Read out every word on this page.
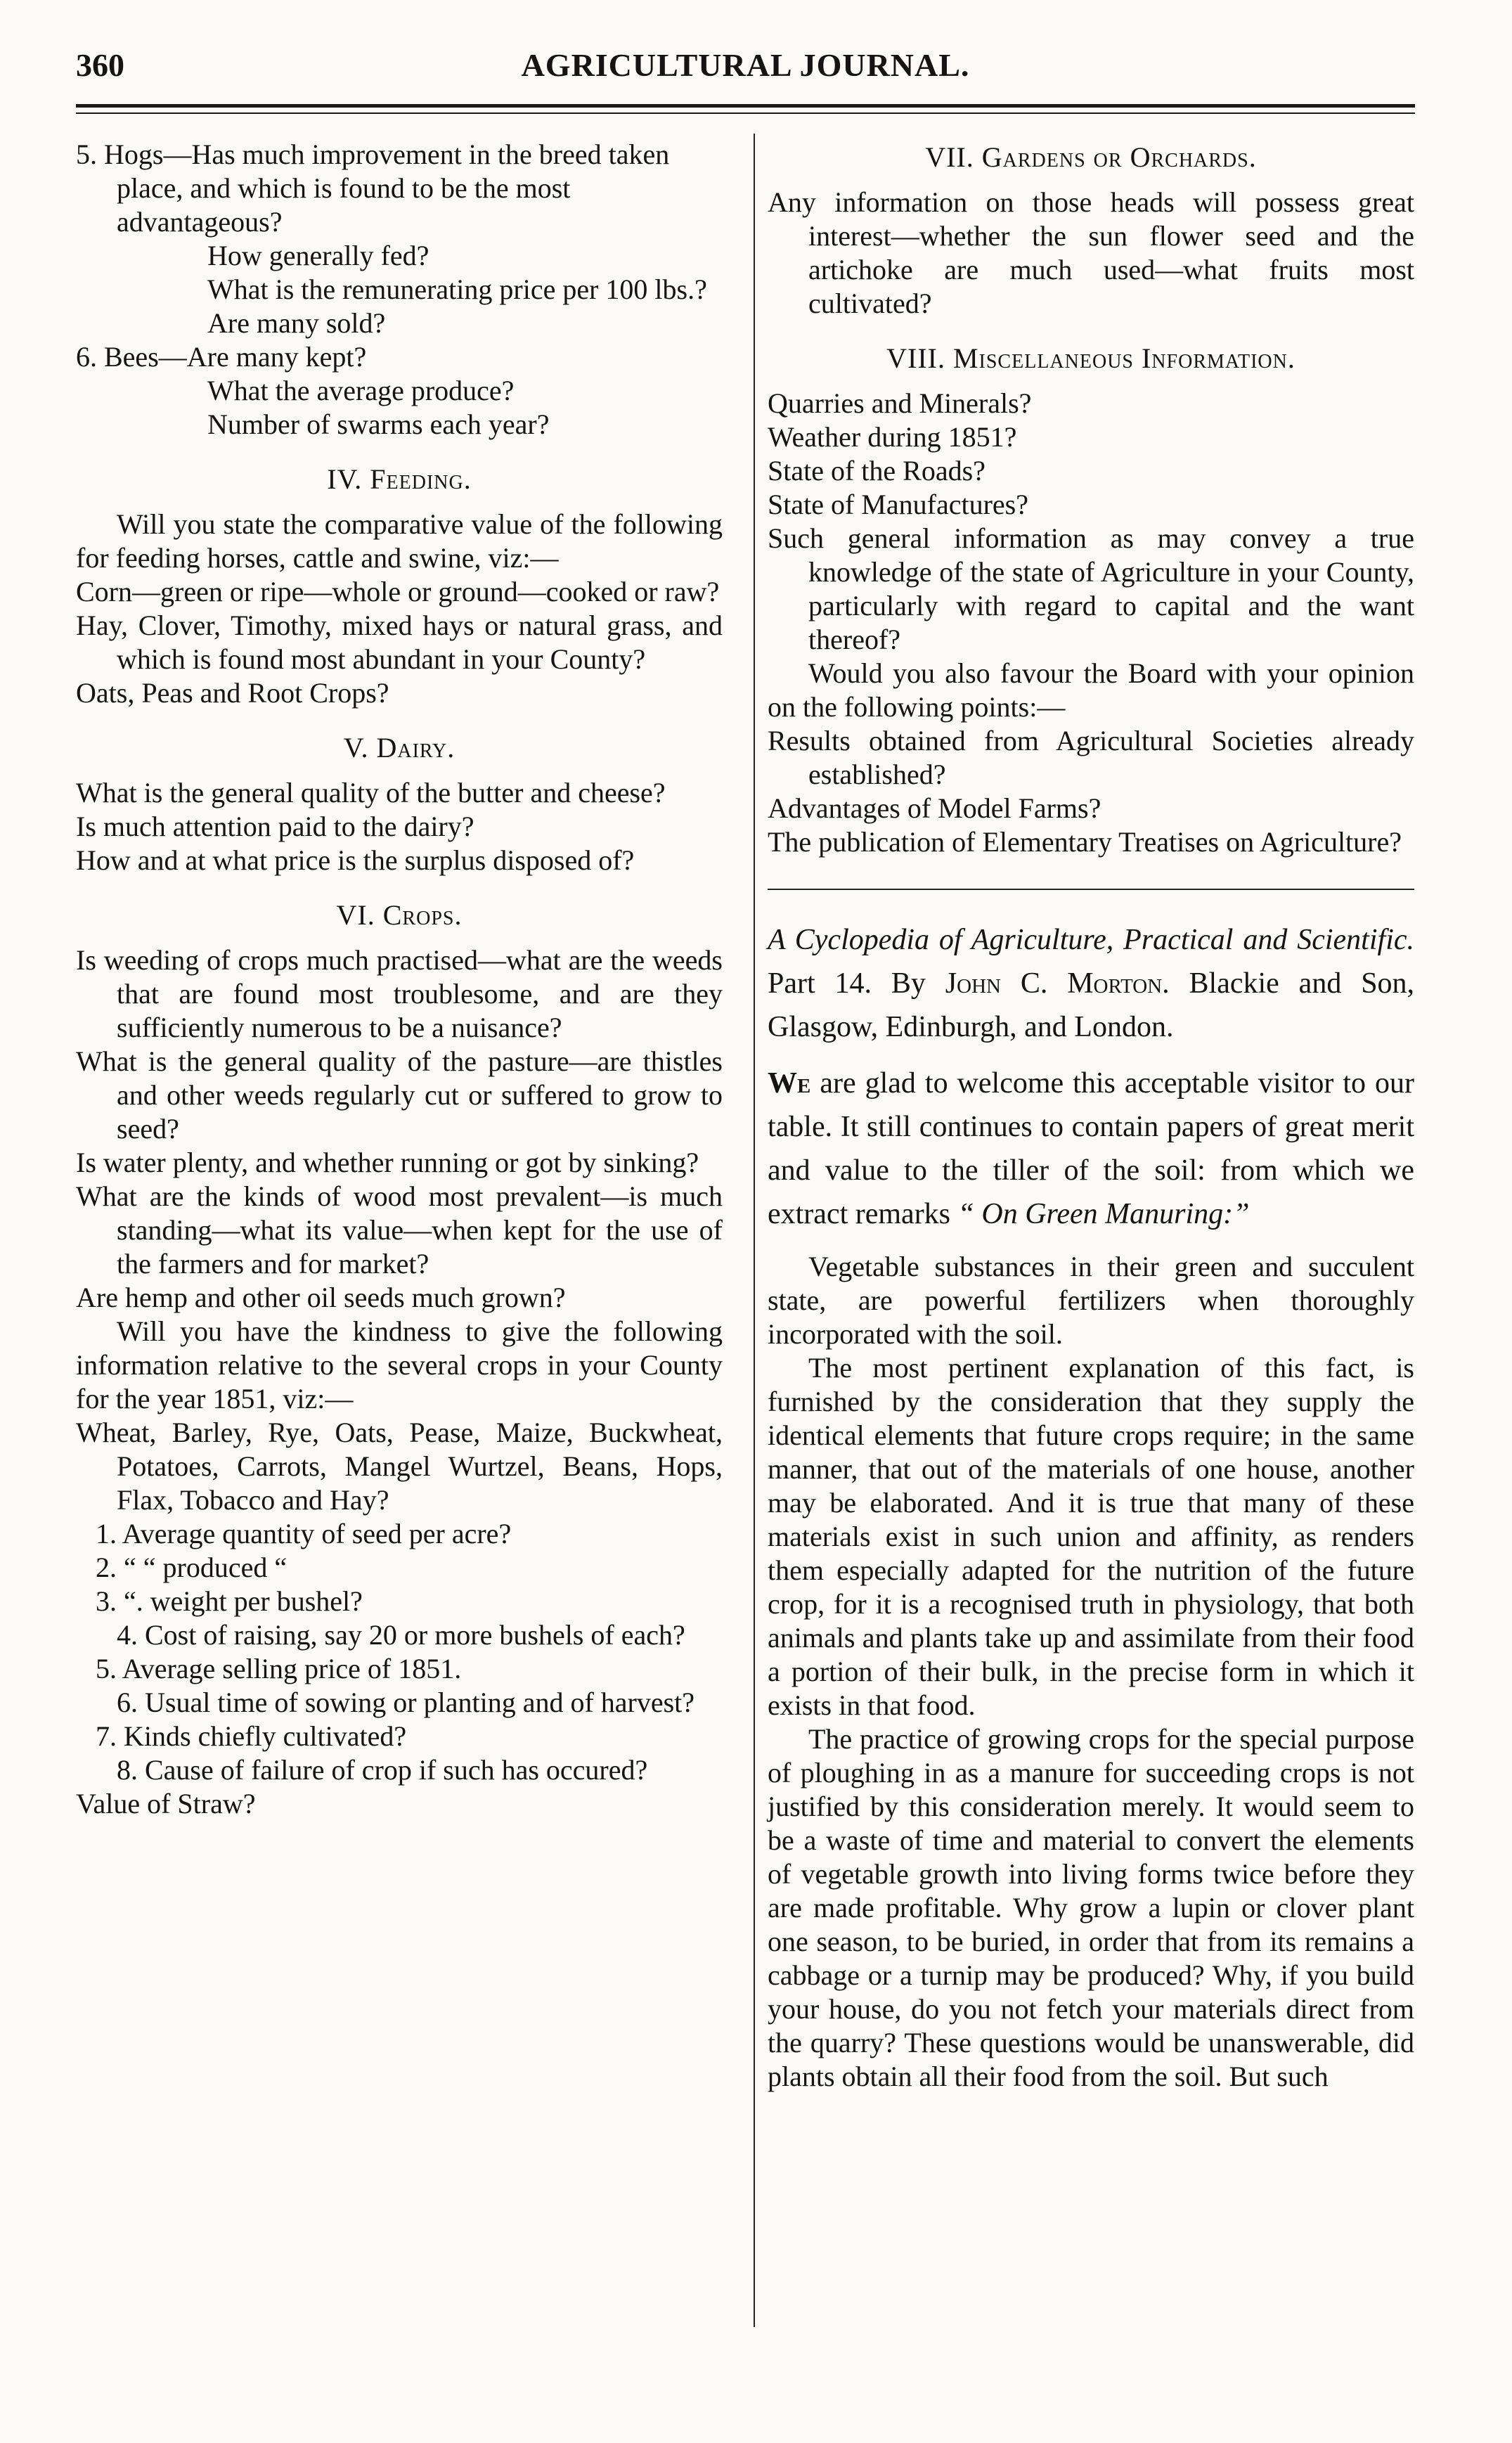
360	AGRICULTURAL JOURNAL.

5. Hogs—Has much improvement in the breed taken place, and which is found to be the most advantageous?

How generally fed?

What is the remunerating price per 100 lbs.?

Are many sold?

6. Bees—Are many kept?

What the average produce?

Number of swarms each year?

IV. Feeding.

Will you state the comparative value of the following for feeding horses, cattle and swine, viz:—

Corn—green or ripe—whole or ground—cooked or raw?

Hay, Clover, Timothy, mixed hays or natural grass, and which is found most abundant in your County?

Oats, Peas and Root Crops?

V. Dairy.

What is the general quality of the butter and cheese?

Is much attention paid to the dairy?

How and at what price is the surplus disposed of?

VI. Crops.

Is weeding of crops much practised—what are the weeds that are found most troublesome, and are they sufficiently numerous to be a nuisance?

What is the general quality of the pasture—are thistles and other weeds regularly cut or suffered to grow to seed?

Is water plenty, and whether running or got by sinking?

What are the kinds of wood most prevalent—is much standing—what its value—when kept for the use of the farmers and for market?

Are hemp and other oil seeds much grown?

Will you have the kindness to give the following information relative to the several crops in your County for the year 1851, viz:—

Wheat, Barley, Rye, Oats, Pease, Maize, Buckwheat, Potatoes, Carrots, Mangel Wurtzel, Beans, Hops, Flax, Tobacco and Hay?

1. Average quantity of seed per acre?

2. “ “ produced “

3. “. weight per bushel?

4. Cost of raising, say 20 or more bushels of each?

5. Average selling price of 1851.

6. Usual time of sowing or planting and of harvest?

7. Kinds chiefly cultivated?

8. Cause of failure of crop if such has occured?

Value of Straw?

VII. Gardens or Orchards.

Any information on those heads will possess great interest—whether the sun flower seed and the artichoke are much used—what fruits most cultivated?

VIII. Miscellaneous Information.

Quarries and Minerals?

Weather during 1851?

State of the Roads?

State of Manufactures?

Such general information as may convey a true knowledge of the state of Agriculture in your County, particularly with regard to capital and the want thereof?

Would you also favour the Board with your opinion on the following points:—

Results obtained from Agricultural Societies already established?

Advantages of Model Farms?

The publication of Elementary Treatises on Agriculture?

A Cyclopedia of Agriculture, Practical and Scientific. Part 14. By John C. Morton. Blackie and Son, Glasgow, Edinburgh, and London.

We are glad to welcome this acceptable visitor to our table. It still continues to contain papers of great merit and value to the tiller of the soil: from which we extract remarks “ On Green Manuring:”

Vegetable substances in their green and succulent state, are powerful fertilizers when thoroughly incorporated with the soil.

The most pertinent explanation of this fact, is furnished by the consideration that they supply the identical elements that future crops require; in the same manner, that out of the materials of one house, another may be elaborated. And it is true that many of these materials exist in such union and affinity, as renders them especially adapted for the nutrition of the future crop, for it is a recognised truth in physiology, that both animals and plants take up and assimilate from their food a portion of their bulk, in the precise form in which it exists in that food.

The practice of growing crops for the special purpose of ploughing in as a manure for succeeding crops is not justified by this consideration merely. It would seem to be a waste of time and material to convert the elements of vegetable growth into living forms twice before they are made profitable. Why grow a lupin or clover plant one season, to be buried, in order that from its remains a cabbage or a turnip may be produced? Why, if you build your house, do you not fetch your materials direct from the quarry? These questions would be unanswerable, did plants obtain all their food from the soil. But such
